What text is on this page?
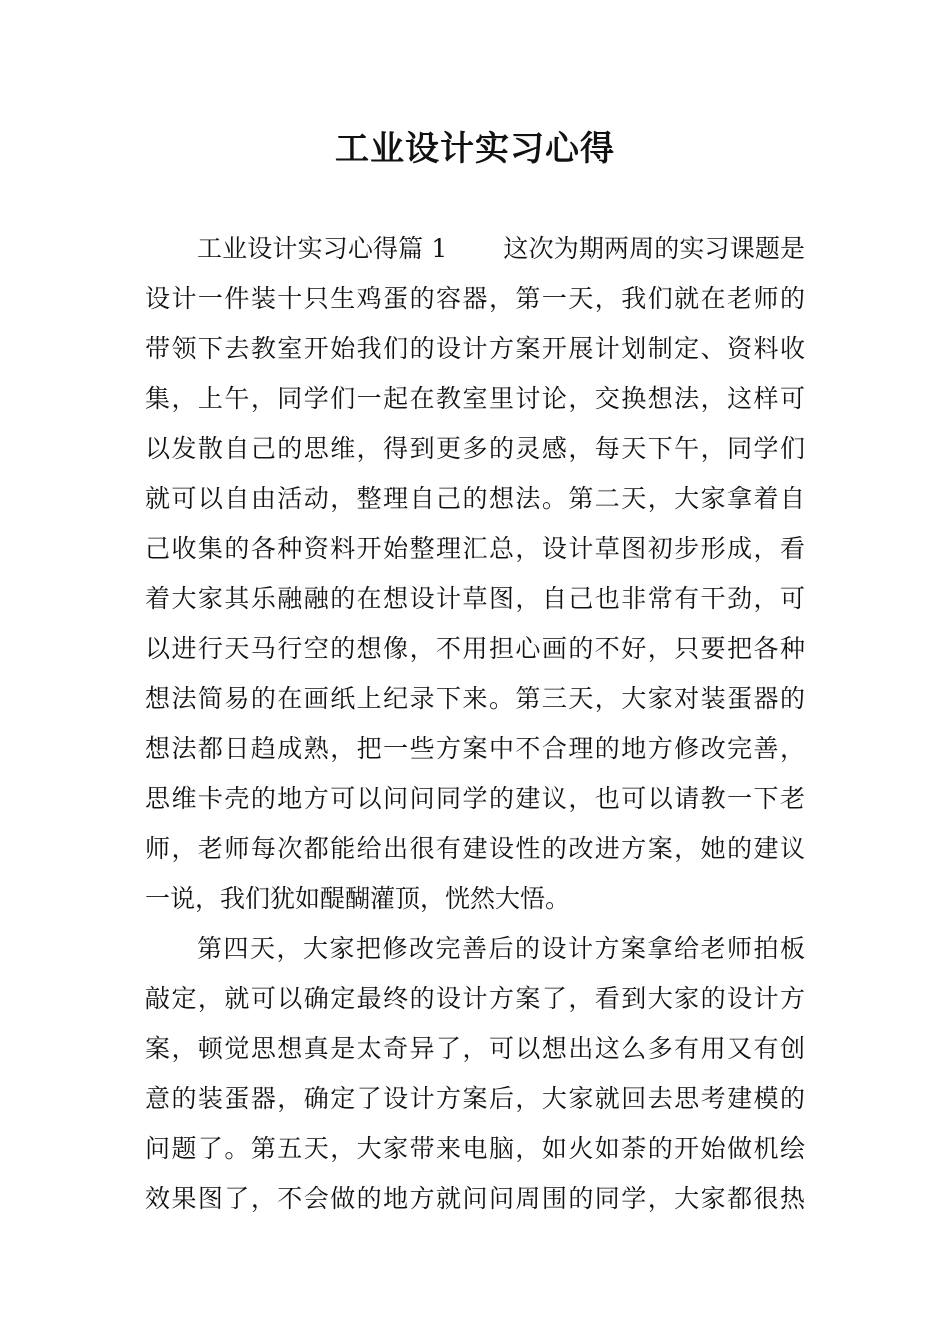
工业设计实习心得
工业设计实习心得篇 1 这次为期两周的实习课题是
设计一件装十只生鸡蛋的容器，第一天，我们就在老师的
带领下去教室开始我们的设计方案开展计划制定、资料收
集，上午，同学们一起在教室里讨论，交换想法，这样可
以发散自己的思维，得到更多的灵感，每天下午，同学们
就可以自由活动，整理自己的想法。第二天，大家拿着自
己收集的各种资料开始整理汇总，设计草图初步形成，看
着大家其乐融融的在想设计草图，自己也非常有干劲，可
以进行天马行空的想像，不用担心画的不好，只要把各种
想法简易的在画纸上纪录下来。第三天，大家对装蛋器的
想法都日趋成熟，把一些方案中不合理的地方修改完善，
思维卡壳的地方可以问问同学的建议，也可以请教一下老
师，老师每次都能给出很有建设性的改进方案，她的建议
一说，我们犹如醍醐灌顶，恍然大悟。
第四天，大家把修改完善后的设计方案拿给老师拍板
敲定，就可以确定最终的设计方案了，看到大家的设计方
案，顿觉思想真是太奇异了，可以想出这么多有用又有创
意的装蛋器，确定了设计方案后，大家就回去思考建模的
问题了。第五天，大家带来电脑，如火如荼的开始做机绘
效果图了，不会做的地方就问问周围的同学，大家都很热
